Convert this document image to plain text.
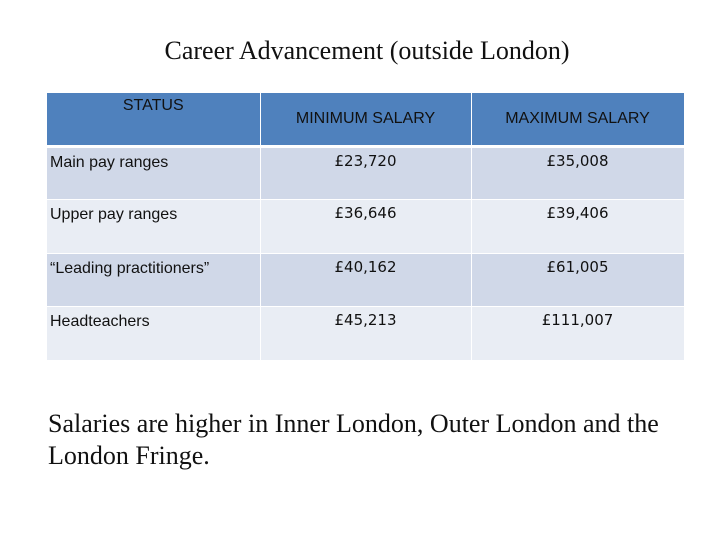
Career Advancement (outside London)
STATUS	MINIMUM SALARY	MAXIMUM SALARY
Main pay ranges	£23,720	£35,008
Upper pay ranges	£36,646	£39,406
“Leading practitioners”	£40,162	£61,005
Headteachers	£45,213	£111,007

Salaries are higher in Inner London, Outer London and the London Fringe.
